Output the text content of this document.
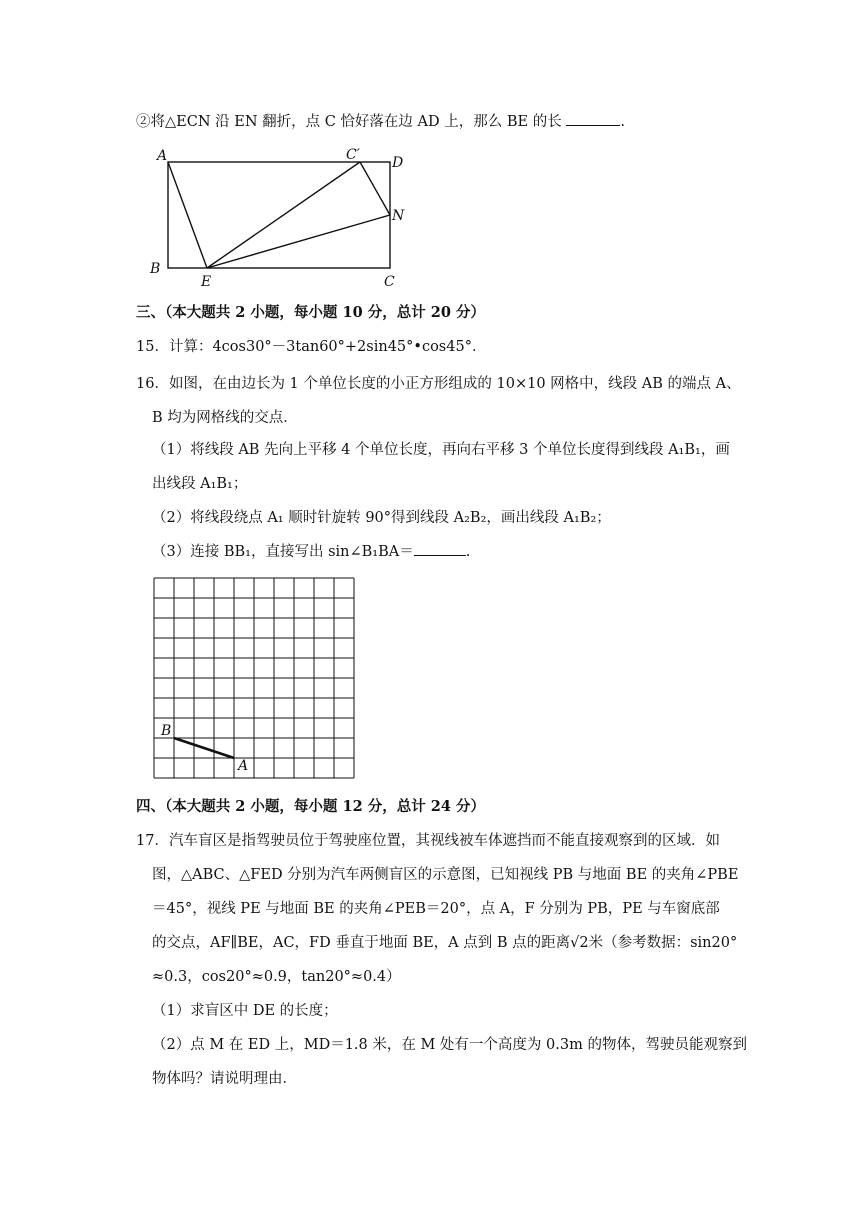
②将△ECN 沿 EN 翻折，点 C 恰好落在边 AD 上，那么 BE 的长	.
A
B
E	C
D
N
C′
三、（本大题共 2 小题，每小题 10 分，总计 20 分）
15．计算：4cos30°－3tan60°+2sin45°•cos45°．
16．如图，在由边长为 1 个单位长度的小正方形组成的 10×10 网格中，线段 AB 的端点 A、
B 均为网格线的交点．
（1）将线段 AB 先向上平移 4 个单位长度，再向右平移 3 个单位长度得到线段 A₁B₁，画
出线段 A₁B₁；
（2）将线段绕点 A₁ 顺时针旋转 90°得到线段 A₂B₂，画出线段 A₁B₂；
（3）连接 BB₁，直接写出 sin∠B₁BA＝	.
B
A
四、（本大题共 2 小题，每小题 12 分，总计 24 分）
17．汽车盲区是指驾驶员位于驾驶座位置，其视线被车体遮挡而不能直接观察到的区域．如
图，△ABC、△FED 分别为汽车两侧盲区的示意图，已知视线 PB 与地面 BE 的夹角∠PBE
＝45°，视线 PE 与地面 BE 的夹角∠PEB＝20°，点 A，F 分别为 PB，PE 与车窗底部
的交点，AF∥BE，AC，FD 垂直于地面 BE，A 点到 B 点的距离√2米（参考数据：sin20°
≈0.3，cos20°≈0.9，tan20°≈0.4）
（1）求盲区中 DE 的长度；
（2）点 M 在 ED 上，MD＝1.8 米，在 M 处有一个高度为 0.3m 的物体，驾驶员能观察到
物体吗？请说明理由．
